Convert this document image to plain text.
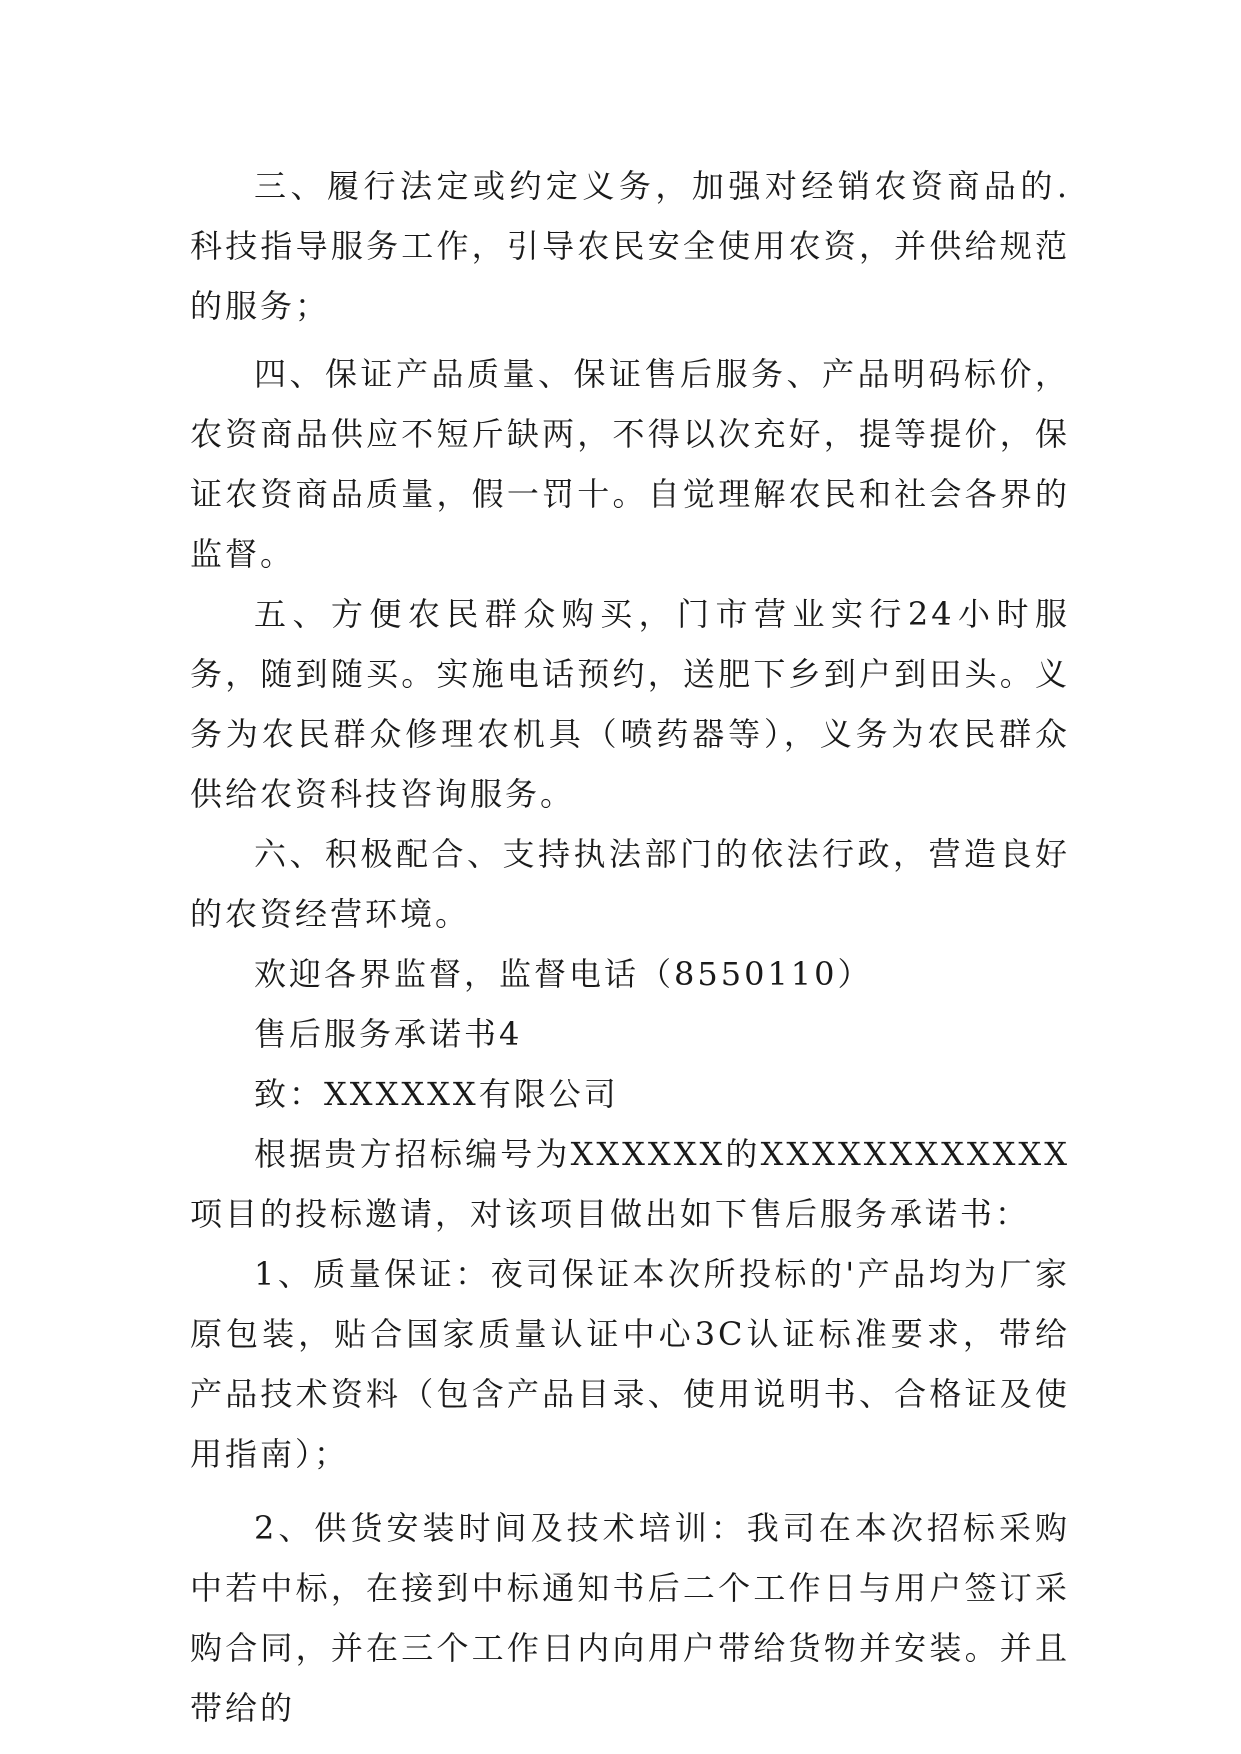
三、履行法定或约定义务，加强对经销农资商品的.科技指导服务工作，引导农民安全使用农资，并供给规范的服务；

四、保证产品质量、保证售后服务、产品明码标价，农资商品供应不短斤缺两，不得以次充好，提等提价，保证农资商品质量，假一罚十。自觉理解农民和社会各界的监督。

五、方便农民群众购买，门市营业实行24小时服务，随到随买。实施电话预约，送肥下乡到户到田头。义务为农民群众修理农机具（喷药器等），义务为农民群众供给农资科技咨询服务。

六、积极配合、支持执法部门的依法行政，营造良好的农资经营环境。

欢迎各界监督，监督电话（8550110）

售后服务承诺书4

致：XXXXXX有限公司

根据贵方招标编号为XXXXXX的XXXXXXXXXXXX项目的投标邀请，对该项目做出如下售后服务承诺书：

1、质量保证：夜司保证本次所投标的'产品均为厂家原包装，贴合国家质量认证中心3C认证标准要求，带给产品技术资料（包含产品目录、使用说明书、合格证及使用指南）；

2、供货安装时间及技术培训：我司在本次招标采购中若中标，在接到中标通知书后二个工作日与用户签订采购合同，并在三个工作日内向用户带给货物并安装。并且带给的
